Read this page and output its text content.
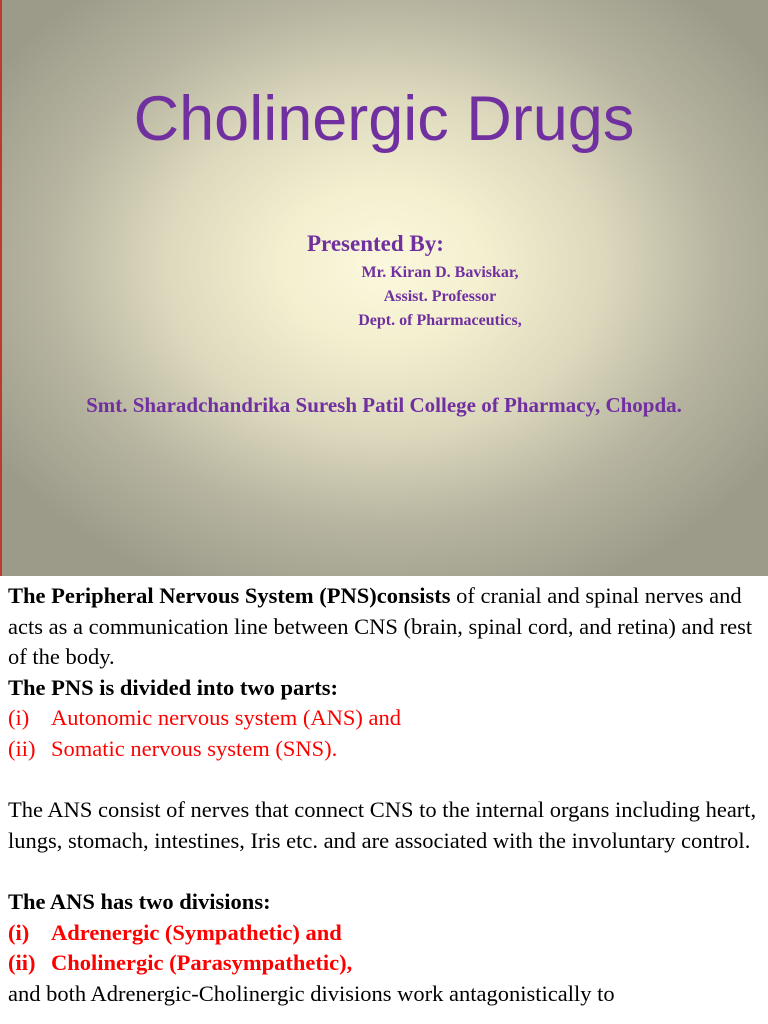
Cholinergic Drugs
Presented By:
Mr. Kiran D. Baviskar,
Assist. Professor
Dept. of Pharmaceutics,
Smt. Sharadchandrika Suresh Patil College of Pharmacy, Chopda.

The Peripheral Nervous System (PNS)consists of cranial and spinal nerves and acts as a communication line between CNS (brain, spinal cord, and retina) and rest of the body.

The PNS is divided into two parts:

(i) Autonomic nervous system (ANS) and
(ii) Somatic nervous system (SNS).

The ANS consist of nerves that connect CNS to the internal organs including heart, lungs, stomach, intestines, Iris etc. and are associated with the involuntary control.

The ANS has two divisions:

(i) Adrenergic (Sympathetic) and
(ii) Cholinergic (Parasympathetic),

and both Adrenergic-Cholinergic divisions work antagonistically to
